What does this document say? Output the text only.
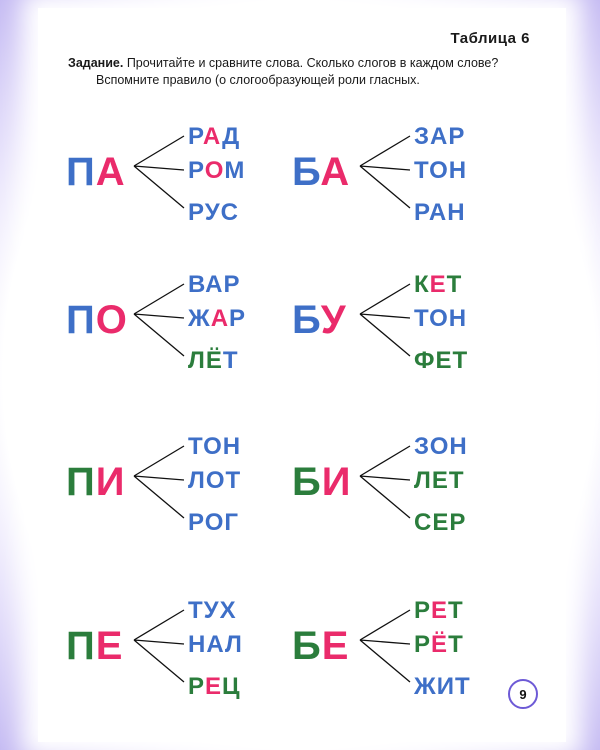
Таблица 6
Задание. Прочитайте и сравните слова. Сколько слогов в каждом слове?
Вспомните правило (о слогообразующей роли гласных.
ПА
РАД
РОМ
РУС
БА
ЗАР
ТОН
РАН
ПО
ВАР
ЖАР
ЛЁТ
БУ
КЕТ
ТОН
ФЕТ
ПИ
ТОН
ЛОТ
РОГ
БИ
ЗОН
ЛЕТ
СЕР
ПЕ
ТУХ
НАЛ
РЕЦ
БЕ
РЕТ
РЁТ
ЖИТ	9
